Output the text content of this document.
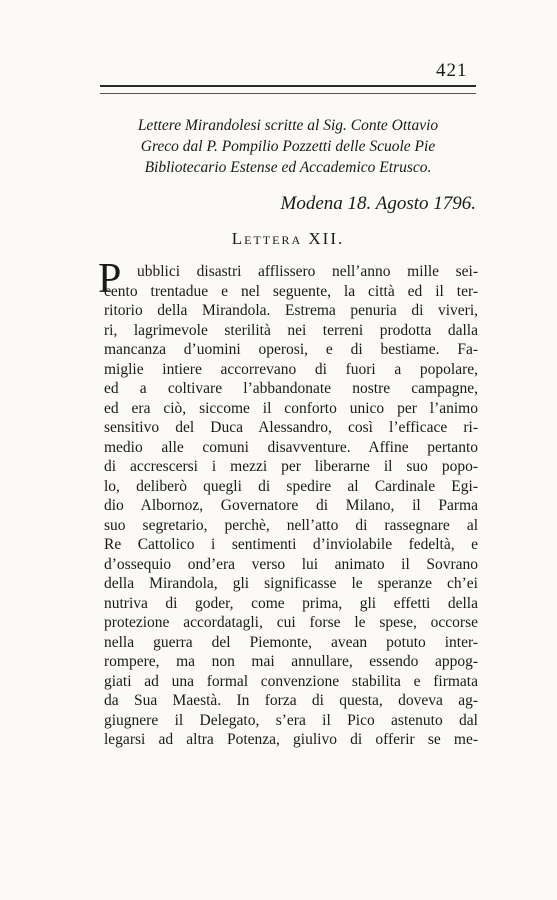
421
Lettere Mirandolesi scritte al Sig. Conte Ottavio
Greco dal P. Pompilio Pozzetti delle Scuole Pie
Bibliotecario Estense ed Accademico Etrusco.
Modena 18. Agosto 1796.
Lettera XII.
P	ubblici disastri afflissero nell’anno mille sei-
cento trentadue e nel seguente, la città ed il ter-
ritorio della Mirandola. Estrema penuria di viveri,
ri, lagrimevole sterilità nei terreni prodotta dalla
mancanza d’uomini operosi, e di bestiame. Fa-
miglie intiere accorrevano di fuori a popolare,
ed a coltivare l’abbandonate nostre campagne,
ed era ciò, siccome il conforto unico per l’animo
sensitivo del Duca Alessandro, così l’efficace ri-
medio alle comuni disavventure. Affine pertanto
di accrescersi i mezzi per liberarne il suo popo-
lo, deliberò quegli di spedire al Cardinale Egi-
dio Albornoz, Governatore di Milano, il Parma
suo segretario, perchè, nell’atto di rassegnare al
Re Cattolico i sentimenti d’inviolabile fedeltà, e
d’ossequio ond’era verso lui animato il Sovrano
della Mirandola, gli significasse le speranze ch’ei
nutriva di goder, come prima, gli effetti della
protezione accordatagli, cui forse le spese, occorse
nella guerra del Piemonte, avean potuto inter-
rompere, ma non mai annullare, essendo appog-
giati ad una formal convenzione stabilita e firmata
da Sua Maestà. In forza di questa, doveva ag-
giugnere il Delegato, s’era il Pico astenuto dal
legarsi ad altra Potenza, giulivo di offerir se me-
